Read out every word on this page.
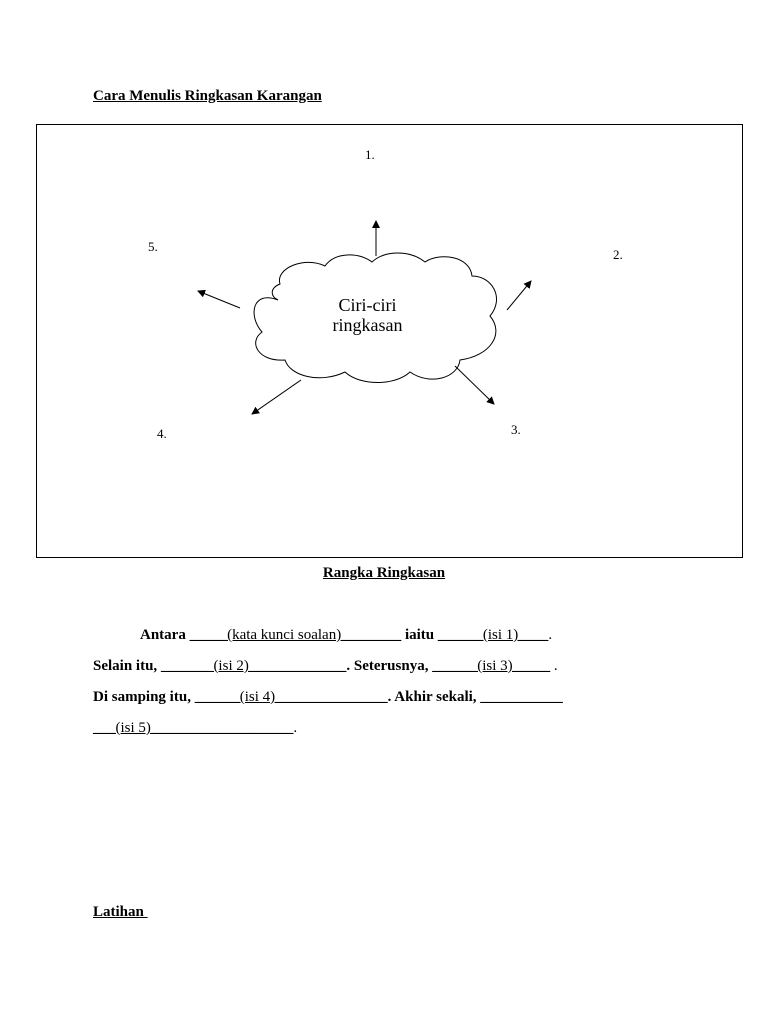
Cara Menulis Ringkasan Karangan
Ciri-ciri
ringkasan
1.
2.
3.
4.
5.
Rangka Ringkasan
Antara _____(kata kunci soalan)________ iaitu ______(isi 1)____.
Selain itu, _______(isi 2)_____________. Seterusnya, ______(isi 3)_____ .
Di samping itu, ______(isi 4)_______________. Akhir sekali, ___________
___(isi 5)___________________.
Latihan
